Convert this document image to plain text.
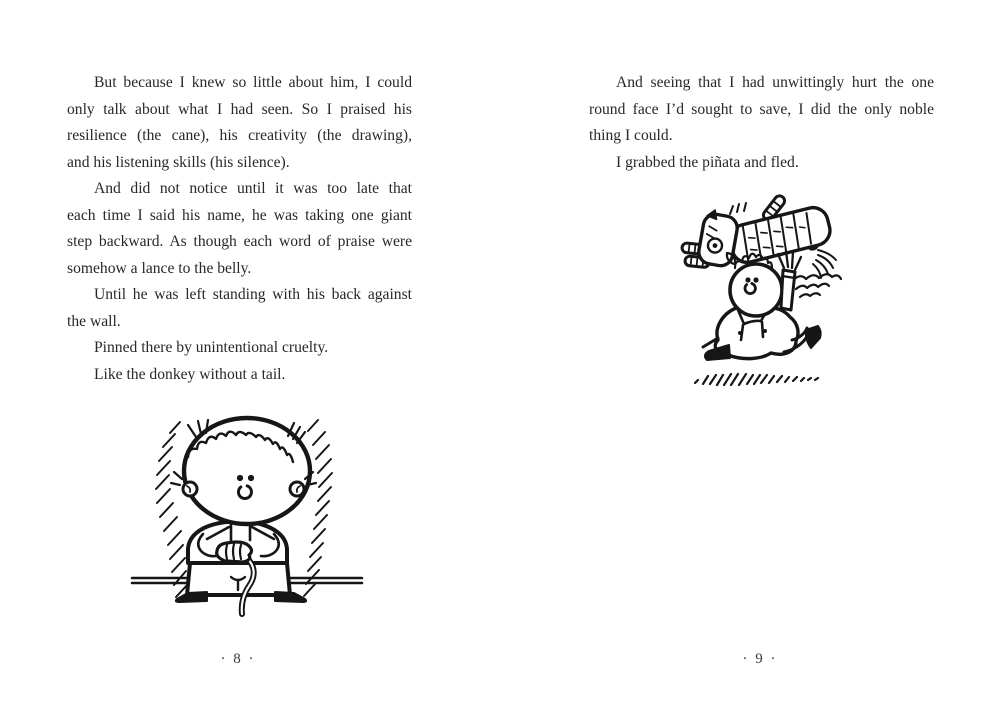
But because I knew so little about him, I could
only talk about what I had seen. So I praised his
resilience (the cane), his creativity (the drawing),
and his listening skills (his silence).
And did not notice until it was too late that
each time I said his name, he was taking one giant
step backward. As though each word of praise were
somehow a lance to the belly.
Until he was left standing with his back against
the wall.
Pinned there by unintentional cruelty.
Like the donkey without a tail.
· 8 ·
And seeing that I had unwittingly hurt the one
round face I’d sought to save, I did the only noble
thing I could.
I grabbed the piñata and fled.
· 9 ·
